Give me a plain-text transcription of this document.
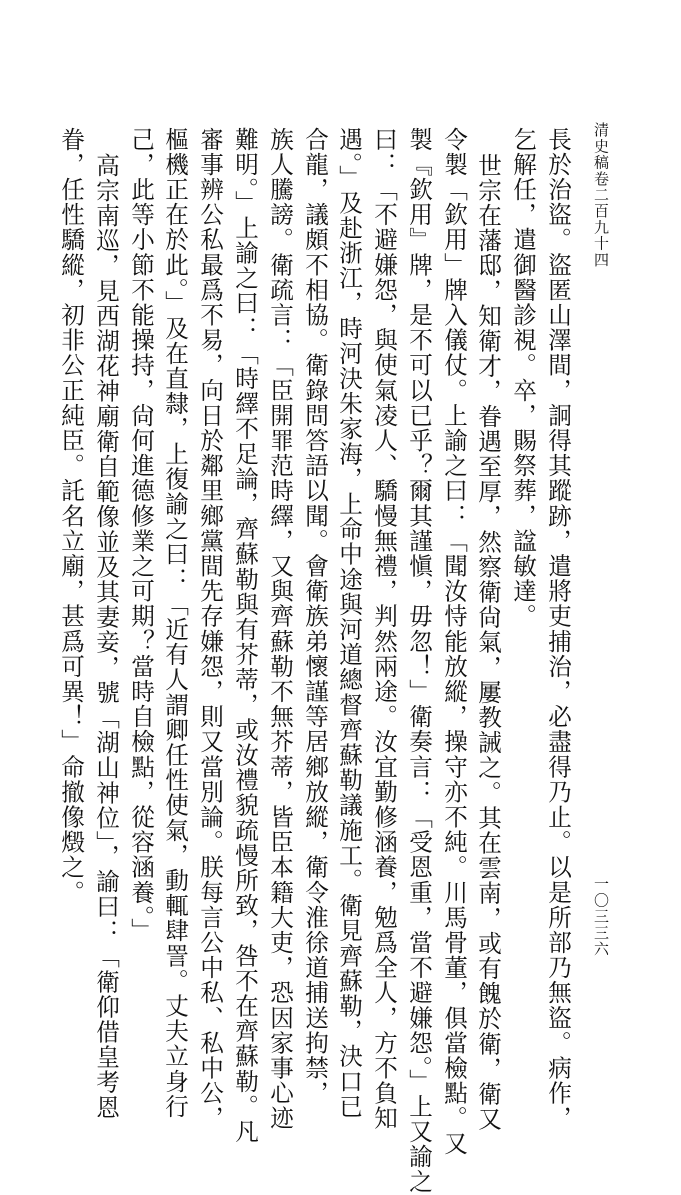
清史稿卷二百九十四
一〇三三六
長於治盜。盜匿山澤間，詗得其蹤跡，遣將吏捕治，必盡得乃止。以是所部乃無盜。病作，
乞解任，遣御醫診視。卒，賜祭葬，諡敏達。
世宗在藩邸，知衛才，眷遇至厚，然察衛尙氣，屢教誡之。其在雲南，或有餽於衛，衛又
令製「欽用」牌入儀仗。上諭之曰：「聞汝恃能放縱，操守亦不純。川馬骨董，俱當檢點。又
製『欽用』牌，是不可以已乎？爾其謹愼，毋忽！」衛奏言：「受恩重，當不避嫌怨。」上又諭之
曰：「不避嫌怨，與使氣凌人、驕慢無禮，判然兩途。汝宜勤修涵養，勉爲全人，方不負知
遇。」及赴浙江，時河決朱家海，上命中途與河道總督齊蘇勒議施工。衛見齊蘇勒，決口已
合龍，議頗不相協。衛錄問答語以聞。會衛族弟懷謹等居鄉放縱，衛令淮徐道捕送拘禁，
族人騰謗。衛疏言：「臣開罪范時繹，又與齊蘇勒不無芥蒂，皆臣本籍大吏，恐因家事心迹
難明。」上諭之曰：「時繹不足論，齊蘇勒與有芥蒂，或汝禮貌疏慢所致，咎不在齊蘇勒。凡
審事辨公私最爲不易，向日於鄰里鄉黨間先存嫌怨，則又當別論。朕每言公中私、私中公，
樞機正在於此。」及在直隸，上復諭之曰：「近有人謂卿任性使氣，動輒肆詈。丈夫立身行
己，此等小節不能操持，尙何進德修業之可期？當時自檢點，從容涵養。」
高宗南巡，見西湖花神廟衛自範像並及其妻妾，號「湖山神位」，諭曰：「衛仰借皇考恩
眷，任性驕縱，初非公正純臣。託名立廟，甚爲可異！」命撤像燬之。
